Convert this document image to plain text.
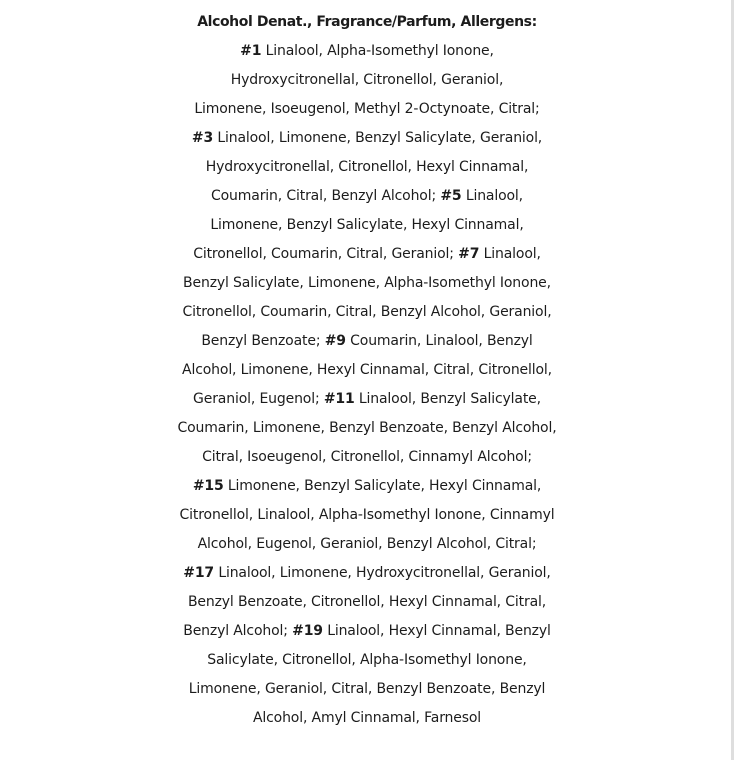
Alcohol Denat., Fragrance/Parfum, Allergens:
#1 Linalool, Alpha-Isomethyl Ionone,
Hydroxycitronellal, Citronellol, Geraniol,
Limonene, Isoeugenol, Methyl 2-Octynoate, Citral;
#3 Linalool, Limonene, Benzyl Salicylate, Geraniol,
Hydroxycitronellal, Citronellol, Hexyl Cinnamal,
Coumarin, Citral, Benzyl Alcohol; #5 Linalool,
Limonene, Benzyl Salicylate, Hexyl Cinnamal,
Citronellol, Coumarin, Citral, Geraniol; #7 Linalool,
Benzyl Salicylate, Limonene, Alpha-Isomethyl Ionone,
Citronellol, Coumarin, Citral, Benzyl Alcohol, Geraniol,
Benzyl Benzoate; #9 Coumarin, Linalool, Benzyl
Alcohol, Limonene, Hexyl Cinnamal, Citral, Citronellol,
Geraniol, Eugenol; #11 Linalool, Benzyl Salicylate,
Coumarin, Limonene, Benzyl Benzoate, Benzyl Alcohol,
Citral, Isoeugenol, Citronellol, Cinnamyl Alcohol;
#15 Limonene, Benzyl Salicylate, Hexyl Cinnamal,
Citronellol, Linalool, Alpha-Isomethyl Ionone, Cinnamyl
Alcohol, Eugenol, Geraniol, Benzyl Alcohol, Citral;
#17 Linalool, Limonene, Hydroxycitronellal, Geraniol,
Benzyl Benzoate, Citronellol, Hexyl Cinnamal, Citral,
Benzyl Alcohol; #19 Linalool, Hexyl Cinnamal, Benzyl
Salicylate, Citronellol, Alpha-Isomethyl Ionone,
Limonene, Geraniol, Citral, Benzyl Benzoate, Benzyl
Alcohol, Amyl Cinnamal, Farnesol
